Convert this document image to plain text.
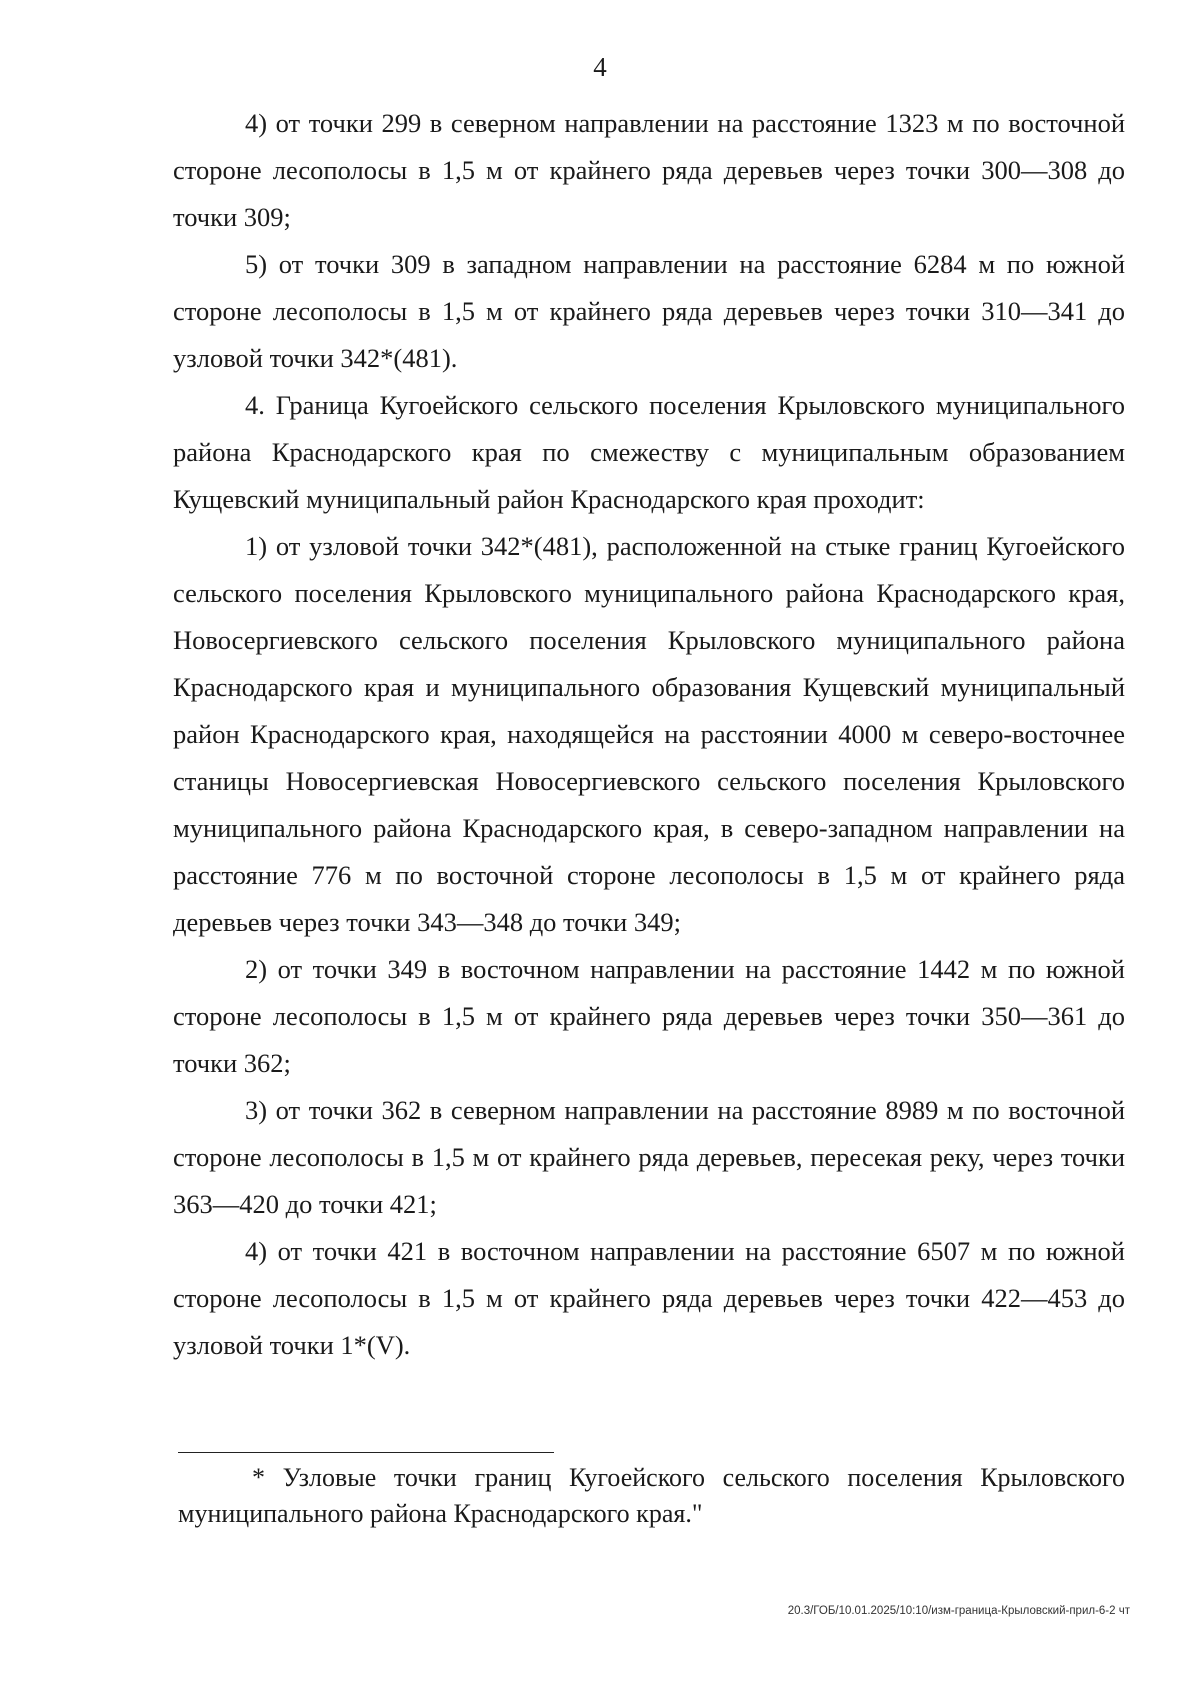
4

4) от точки 299 в северном направлении на расстояние 1323 м по восточной стороне лесополосы в 1,5 м от крайнего ряда деревьев через точки 300—308 до точки 309;

5) от точки 309 в западном направлении на расстояние 6284 м по южной стороне лесополосы в 1,5 м от крайнего ряда деревьев через точки 310—341 до узловой точки 342*(481).

4. Граница Кугоейского сельского поселения Крыловского муниципального района Краснодарского края по смежеству с муниципальным образованием Кущевский муниципальный район Краснодарского края проходит:

1) от узловой точки 342*(481), расположенной на стыке границ Кугоейского сельского поселения Крыловского муниципального района Краснодарского края, Новосергиевского сельского поселения Крыловского муниципального района Краснодарского края и муниципального образования Кущевский муниципальный район Краснодарского края, находящейся на расстоянии 4000 м северо-восточнее станицы Новосергиевская Новосергиевского сельского поселения Крыловского муниципального района Краснодарского края, в северо-западном направлении на расстояние 776 м по восточной стороне лесополосы в 1,5 м от крайнего ряда деревьев через точки 343—348 до точки 349;

2) от точки 349 в восточном направлении на расстояние 1442 м по южной стороне лесополосы в 1,5 м от крайнего ряда деревьев через точки 350—361 до точки 362;

3) от точки 362 в северном направлении на расстояние 8989 м по восточной стороне лесополосы в 1,5 м от крайнего ряда деревьев, пересекая реку, через точки 363—420 до точки 421;

4) от точки 421 в восточном направлении на расстояние 6507 м по южной стороне лесополосы в 1,5 м от крайнего ряда деревьев через точки 422—453 до узловой точки 1*(V).

* Узловые точки границ Кугоейского сельского поселения Крыловского муниципального района Краснодарского края."

20.3/ГОБ/10.01.2025/10:10/изм-граница-Крыловский-прил-6-2 чт
